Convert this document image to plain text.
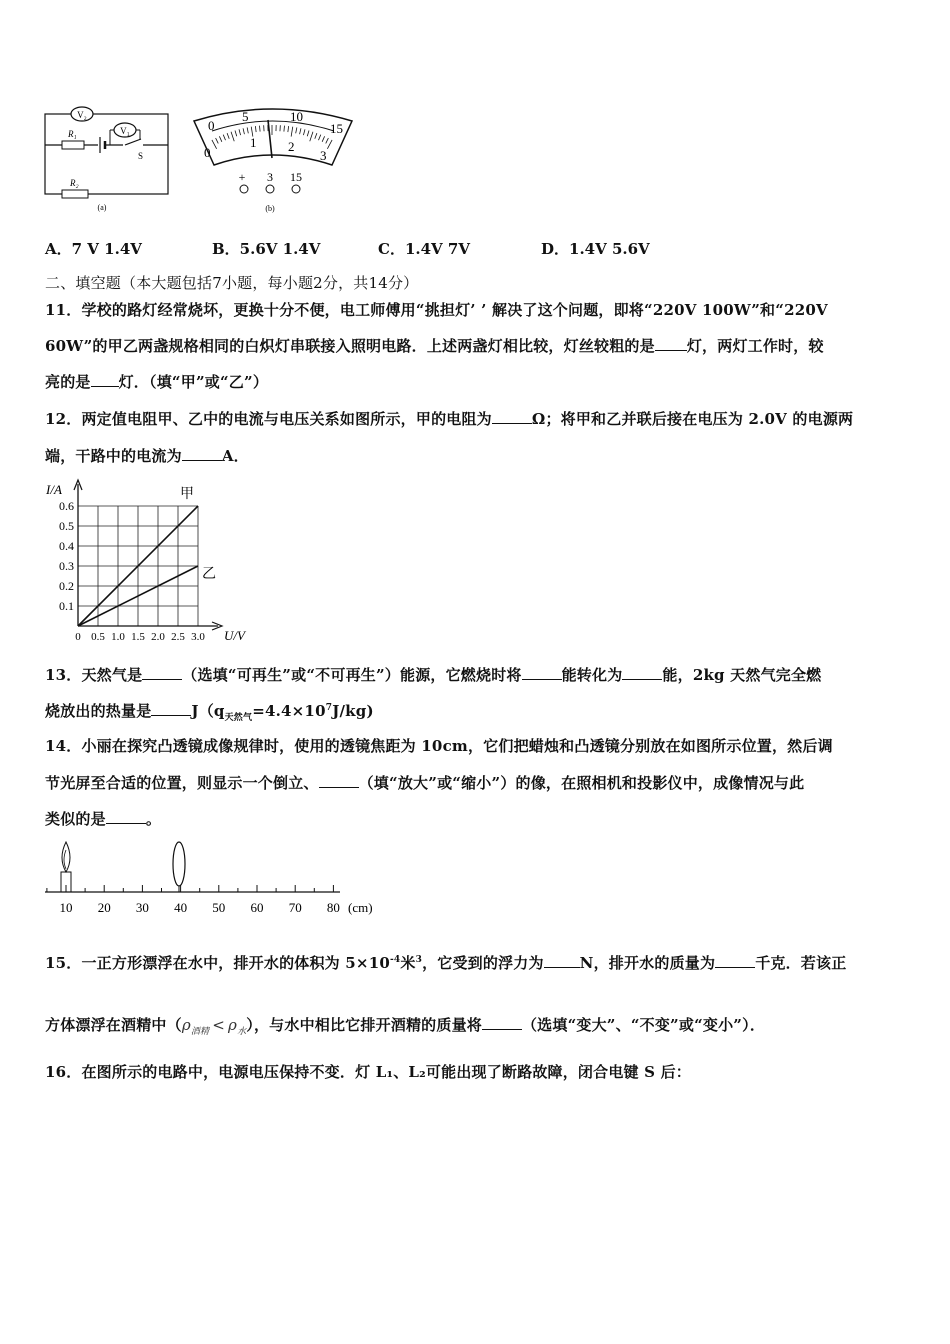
V₂
V₁
R₁
S
R₂
(a)
0
5	10
15
0
1 2
3
+ 3 15
(b)
A．7 V 1.4V	B．5.6V 1.4V	C．1.4V 7V	D．1.4V 5.6V
二、填空题（本大题包括7小题，每小题2分，共14分）
11．学校的路灯经常烧坏，更换十分不便，电工师傅用“挑担灯’ ’ 解决了这个问题，即将“220V 100W”和“220V
60W”的甲乙两盏规格相同的白炽灯串联接入照明电路．上述两盏灯相比较，灯丝较粗的是 灯，两灯工作时，较
亮的是 灯．（填“甲”或“乙”）
12．两定值电阻甲、乙中的电流与电压关系如图所示，甲的电阻为	Ω；将甲和乙并联后接在电压为 2.0V 的电源两
端，干路中的电流为	A．
0.1
0.2
0.3
0.4
0.5
0.6
0 0.5 1.0 1.5 2.0 2.5 3.0
I/A
U/V
甲
乙
13．天然气是	（选填“可再生”或“不可再生”）能源，它燃烧时将	能转化为	能，2kg 天然气完全燃
烧放出的热量是	$J(q_{天然气}=4.4\times 10^7J/kg)$
14．小丽在探究凸透镜成像规律时，使用的透镜焦距为 10cm，它们把蜡烛和凸透镜分别放在如图所示位置，然后调
节光屏至合适的位置，则显示一个倒立、	（填“放大”或“缩小”）的像，在照相机和投影仪中，成像情况与此
类似的是	。
10 20 30 40 50 60 70 80 (cm)
15．一正方形漂浮在水中，排开水的体积为 $5\times 10^{-4}$米$^3$，它受到的浮力为 N，排开水的质量为	千克．若该正
方体漂浮在酒精中$(\rho_{酒精} < \rho_水)$，与水中相比它排开酒精的质量将	（选填“变大”、“不变”或“变小”）．
16．在图所示的电路中，电源电压保持不变．灯 L₁、L₂可能出现了断路故障，闭合电键 S 后：
